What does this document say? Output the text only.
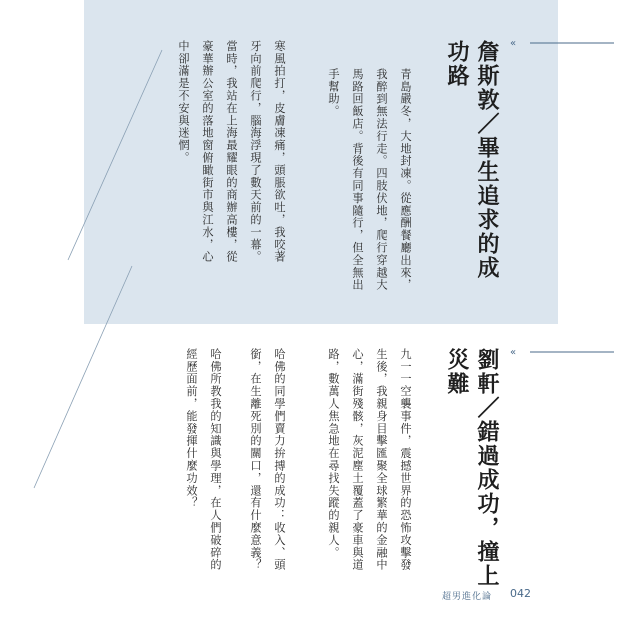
«
«
詹斯敦／畢生追求的成
功路
青島嚴冬，大地封凍。從應酬餐廳出來，
我醉到無法行走。四肢伏地，爬行穿越大
馬路回飯店。背後有同事隨行，但全無出
手幫助。
寒風拍打，皮膚凍痛，頭脹欲吐，我咬著
牙向前爬行，腦海浮現了數天前的一幕。
當時，我站在上海最耀眼的商辦高樓，從
豪華辦公室的落地窗俯瞰街市與江水，心
中卻滿是不安與迷惘。
劉軒／錯過成功，撞上
災難
九一一空襲事件，震撼世界的恐怖攻擊發
生後，我親身目擊匯聚全球繁華的金融中
心，滿街殘骸，灰泥塵土覆蓋了豪車與道
路，數萬人焦急地在尋找失蹤的親人。
哈佛的同學們賣力拚搏的成功：收入、頭
銜，在生離死別的關口，還有什麼意義？
哈佛所教我的知識與學理，在人們破碎的
經歷面前，能發揮什麼功效？
超男進化論 042
